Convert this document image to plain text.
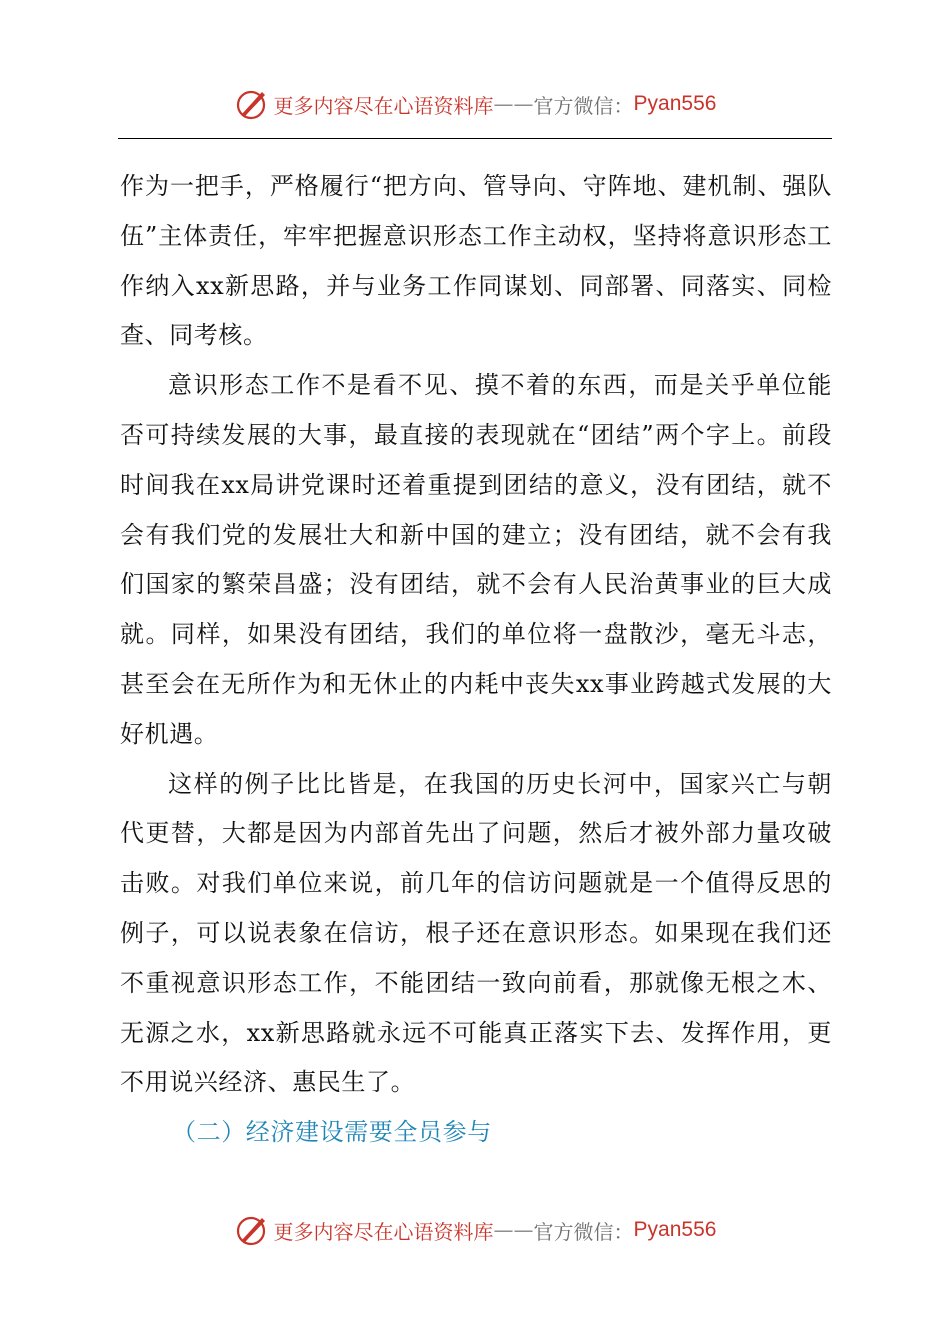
更多内容尽在心语资料库 —— 官方微信： Pyan556

作为一把手，严格履行“把方向、管导向、守阵地、建机制、强队伍”主体责任，牢牢把握意识形态工作主动权，坚持将意识形态工作纳入xx新思路，并与业务工作同谋划、同部署、同落实、同检查、同考核。

意识形态工作不是看不见、摸不着的东西，而是关乎单位能否可持续发展的大事，最直接的表现就在“团结”两个字上。前段时间我在xx局讲党课时还着重提到团结的意义，没有团结，就不会有我们党的发展壮大和新中国的建立；没有团结，就不会有我们国家的繁荣昌盛；没有团结，就不会有人民治黄事业的巨大成就。同样，如果没有团结，我们的单位将一盘散沙，毫无斗志，甚至会在无所作为和无休止的内耗中丧失xx事业跨越式发展的大好机遇。

这样的例子比比皆是，在我国的历史长河中，国家兴亡与朝代更替，大都是因为内部首先出了问题，然后才被外部力量攻破击败。对我们单位来说，前几年的信访问题就是一个值得反思的例子，可以说表象在信访，根子还在意识形态。如果现在我们还不重视意识形态工作，不能团结一致向前看，那就像无根之木、无源之水，xx新思路就永远不可能真正落实下去、发挥作用，更不用说兴经济、惠民生了。

（二）经济建设需要全员参与

更多内容尽在心语资料库 —— 官方微信： Pyan556
